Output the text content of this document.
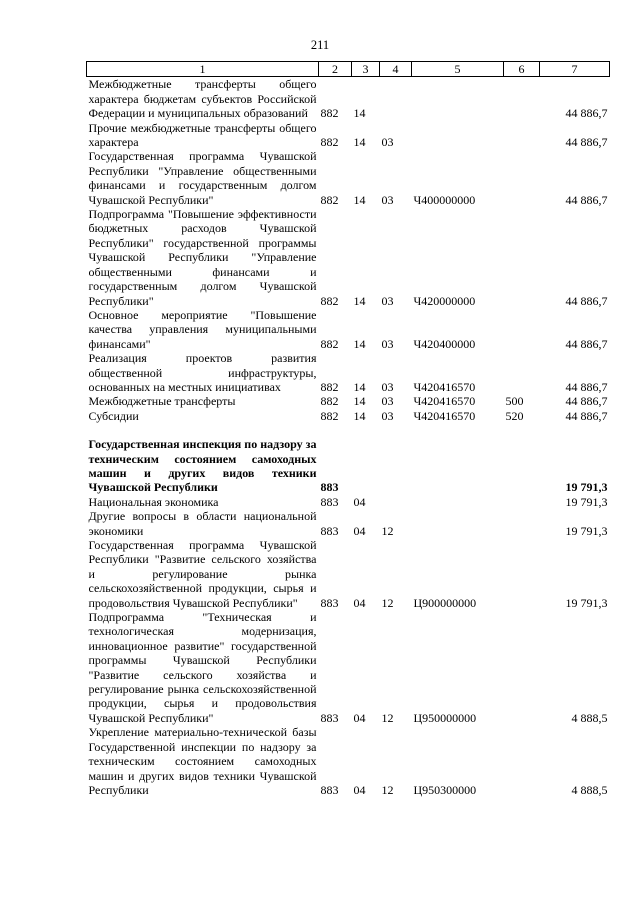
211
1	2	3	4	5	6	7
Межбюджетные трансферты общего характера бюджетам субъектов Российской Федерации и муниципальных образований	882	14				44 886,7
Прочие межбюджетные трансферты общего характера	882	14	03			44 886,7
Государственная программа Чувашской Республики "Управление общественными финансами и государственным долгом Чувашской Республики"	882	14	03	Ч400000000		44 886,7
Подпрограмма "Повышение эффективности бюджетных расходов Чувашской Республики" государственной программы Чувашской Республики "Управление общественными финансами и государственным долгом Чувашской Республики"	882	14	03	Ч420000000		44 886,7
Основное мероприятие "Повышение качества управления муниципальными финансами"	882	14	03	Ч420400000		44 886,7
Реализация проектов развития общественной инфраструктуры, основанных на местных инициативах	882	14	03	Ч420416570		44 886,7
Межбюджетные трансферты	882	14	03	Ч420416570	500	44 886,7
Субсидии	882	14	03	Ч420416570	520	44 886,7

Государственная инспекция по надзору за техническим состоянием самоходных машин и других видов техники Чувашской Республики	883					19 791,3
Национальная экономика	883	04				19 791,3
Другие вопросы в области национальной экономики	883	04	12			19 791,3
Государственная программа Чувашской Республики "Развитие сельского хозяйства и регулирование рынка сельскохозяйственной продукции, сырья и продовольствия Чувашской Республики"	883	04	12	Ц900000000		19 791,3
Подпрограмма "Техническая и технологическая модернизация, инновационное развитие" государственной программы Чувашской Республики "Развитие сельского хозяйства и регулирование рынка сельскохозяйственной продукции, сырья и продовольствия Чувашской Республики"	883	04	12	Ц950000000		4 888,5
Укрепление материально-технической базы Государственной инспекции по надзору за техническим состоянием самоходных машин и других видов техники Чувашской Республики	883	04	12	Ц950300000		4 888,5
